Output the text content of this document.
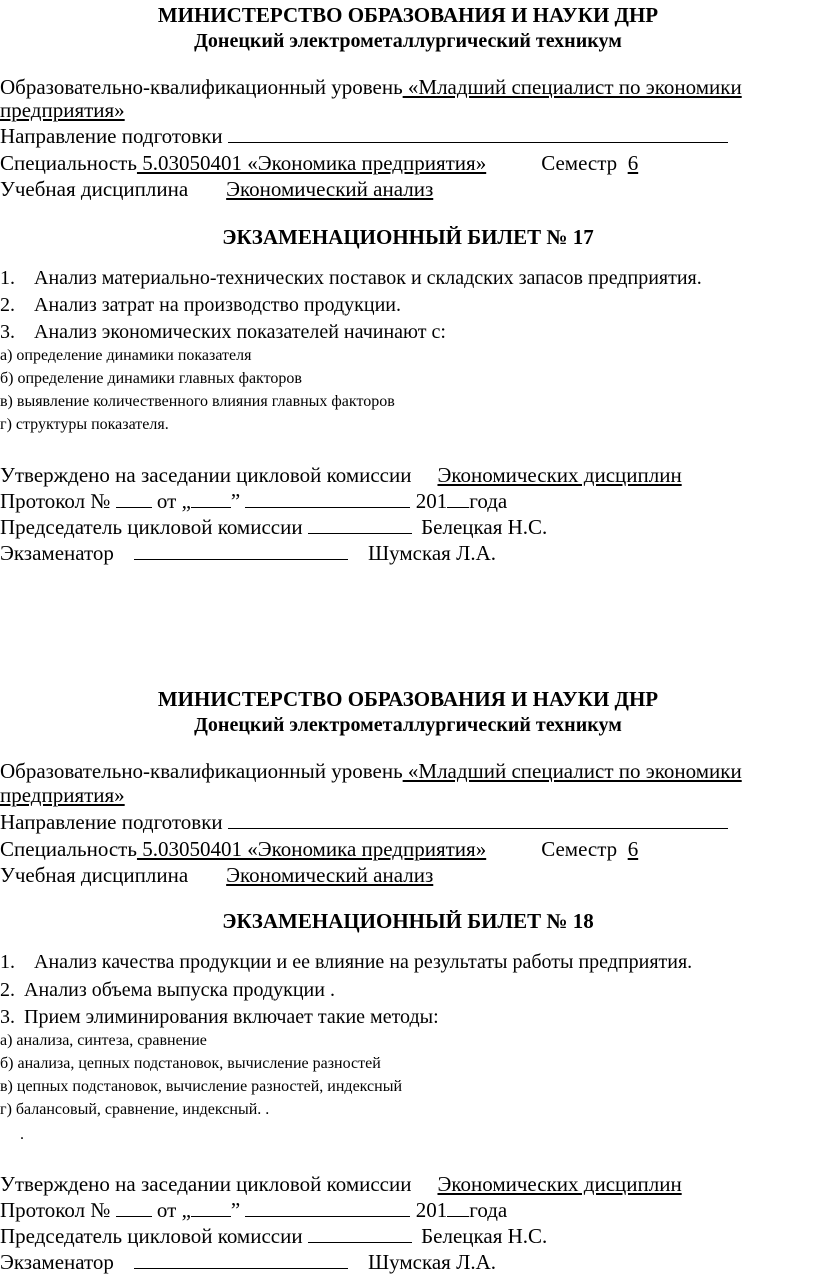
МИНИСТЕРСТВО ОБРАЗОВАНИЯ И НАУКИ ДНР
Донецкий электрометаллургический техникум
Образовательно-квалификационный уровень «Младший специалист по экономики
предприятия»
Направление подготовки
Специальность 5.03050401 «Экономика предприятия»	Семестр 6
Учебная дисциплина Экономический анализ
ЭКЗАМЕНАЦИОННЫЙ БИЛЕТ № 17
1. Анализ материально-технических поставок и складских запасов предприятия.
2. Анализ затрат на производство продукции.
3. Анализ экономических показателей начинают с:
а) определение динамики показателя
б) определение динамики главных факторов
в) выявление количественного влияния главных факторов
г) структуры показателя.
Утверждено на заседании цикловой комиссии Экономических дисциплин
Протокол № от „ ”	201 года
Председатель цикловой комиссии	Белецкая Н.С.
Экзаменатор	Шумская Л.А.
МИНИСТЕРСТВО ОБРАЗОВАНИЯ И НАУКИ ДНР
Донецкий электрометаллургический техникум
Образовательно-квалификационный уровень «Младший специалист по экономики
предприятия»
Направление подготовки
Специальность 5.03050401 «Экономика предприятия»	Семестр 6
Учебная дисциплина Экономический анализ
ЭКЗАМЕНАЦИОННЫЙ БИЛЕТ № 18
1. Анализ качества продукции и ее влияние на результаты работы предприятия.
2. Анализ объема выпуска продукции .
3. Прием элиминирования включает такие методы:
а) анализа, синтеза, сравнение
б) анализа, цепных подстановок, вычисление разностей
в) цепных подстановок, вычисление разностей, индексный
г) балансовый, сравнение, индексный. .
.
Утверждено на заседании цикловой комиссии Экономических дисциплин
Протокол № от „ ”	201 года
Председатель цикловой комиссии	Белецкая Н.С.
Экзаменатор	Шумская Л.А.
